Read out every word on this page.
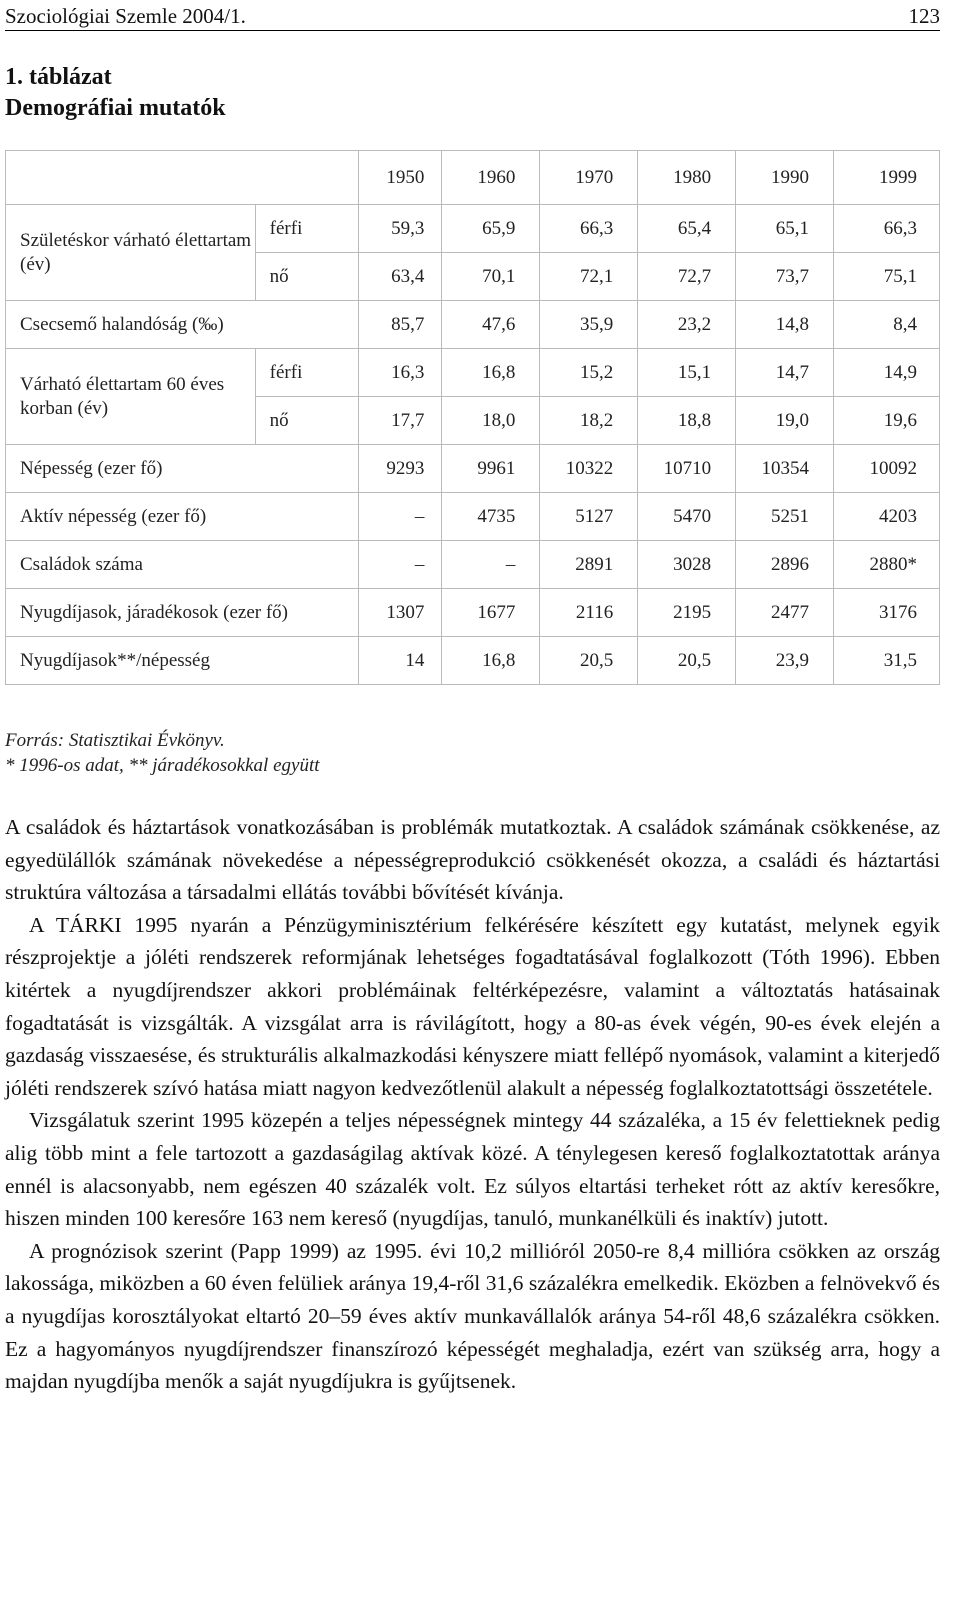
Szociológiai Szemle 2004/1.	123
1. táblázat
Demográfiai mutatók
		1950	1960	1970	1980	1990	1999
Születéskor várható élettartam (év)	férfi	59,3	65,9	66,3	65,4	65,1	66,3
	nő	63,4	70,1	72,1	72,7	73,7	75,1
Csecsemő halandóság (‰)		85,7	47,6	35,9	23,2	14,8	8,4
Várható élettartam 60 éves korban (év)	férfi	16,3	16,8	15,2	15,1	14,7	14,9
	nő	17,7	18,0	18,2	18,8	19,0	19,6
Népesség (ezer fő)		9293	9961	10322	10710	10354	10092
Aktív népesség (ezer fő)		–	4735	5127	5470	5251	4203
Családok száma		–	–	2891	3028	2896	2880*
Nyugdíjasok, járadékosok (ezer fő)		1307	1677	2116	2195	2477	3176
Nyugdíjasok**/népesség		14	16,8	20,5	20,5	23,9	31,5
Forrás: Statisztikai Évkönyv.
* 1996-os adat, ** járadékosokkal együtt

A családok és háztartások vonatkozásában is problémák mutatkoztak. A családok számának csökkenése, az egyedülállók számának növekedése a népességreprodukció csökkenését okozza, a családi és háztartási struktúra változása a társadalmi ellátás további bővítését kívánja.

A TÁRKI 1995 nyarán a Pénzügyminisztérium felkérésére készített egy kutatást, melynek egyik részprojektje a jóléti rendszerek reformjának lehetséges fogadtatásával foglalkozott (Tóth 1996). Ebben kitértek a nyugdíjrendszer akkori problémáinak feltérképezésre, valamint a változtatás hatásainak fogadtatását is vizsgálták. A vizsgálat arra is rávilágított, hogy a 80-as évek végén, 90-es évek elején a gazdaság visszaesése, és strukturális alkalmazkodási kényszere miatt fellépő nyomások, valamint a kiterjedő jóléti rendszerek szívó hatása miatt nagyon kedvezőtlenül alakult a népesség foglalkoztatottsági összetétele.

Vizsgálatuk szerint 1995 közepén a teljes népességnek mintegy 44 százaléka, a 15 év felettieknek pedig alig több mint a fele tartozott a gazdaságilag aktívak közé. A ténylegesen kereső foglalkoztatottak aránya ennél is alacsonyabb, nem egészen 40 százalék volt. Ez súlyos eltartási terheket rótt az aktív keresőkre, hiszen minden 100 keresőre 163 nem kereső (nyugdíjas, tanuló, munkanélküli és inaktív) jutott.

A prognózisok szerint (Papp 1999) az 1995. évi 10,2 millióról 2050-re 8,4 millióra csökken az ország lakossága, miközben a 60 éven felüliek aránya 19,4-ről 31,6 százalékra emelkedik. Eközben a felnövekvő és a nyugdíjas korosztályokat eltartó 20–59 éves aktív munkavállalók aránya 54-ről 48,6 százalékra csökken. Ez a hagyományos nyugdíjrendszer finanszírozó képességét meghaladja, ezért van szükség arra, hogy a majdan nyugdíjba menők a saját nyugdíjukra is gyűjtsenek.
